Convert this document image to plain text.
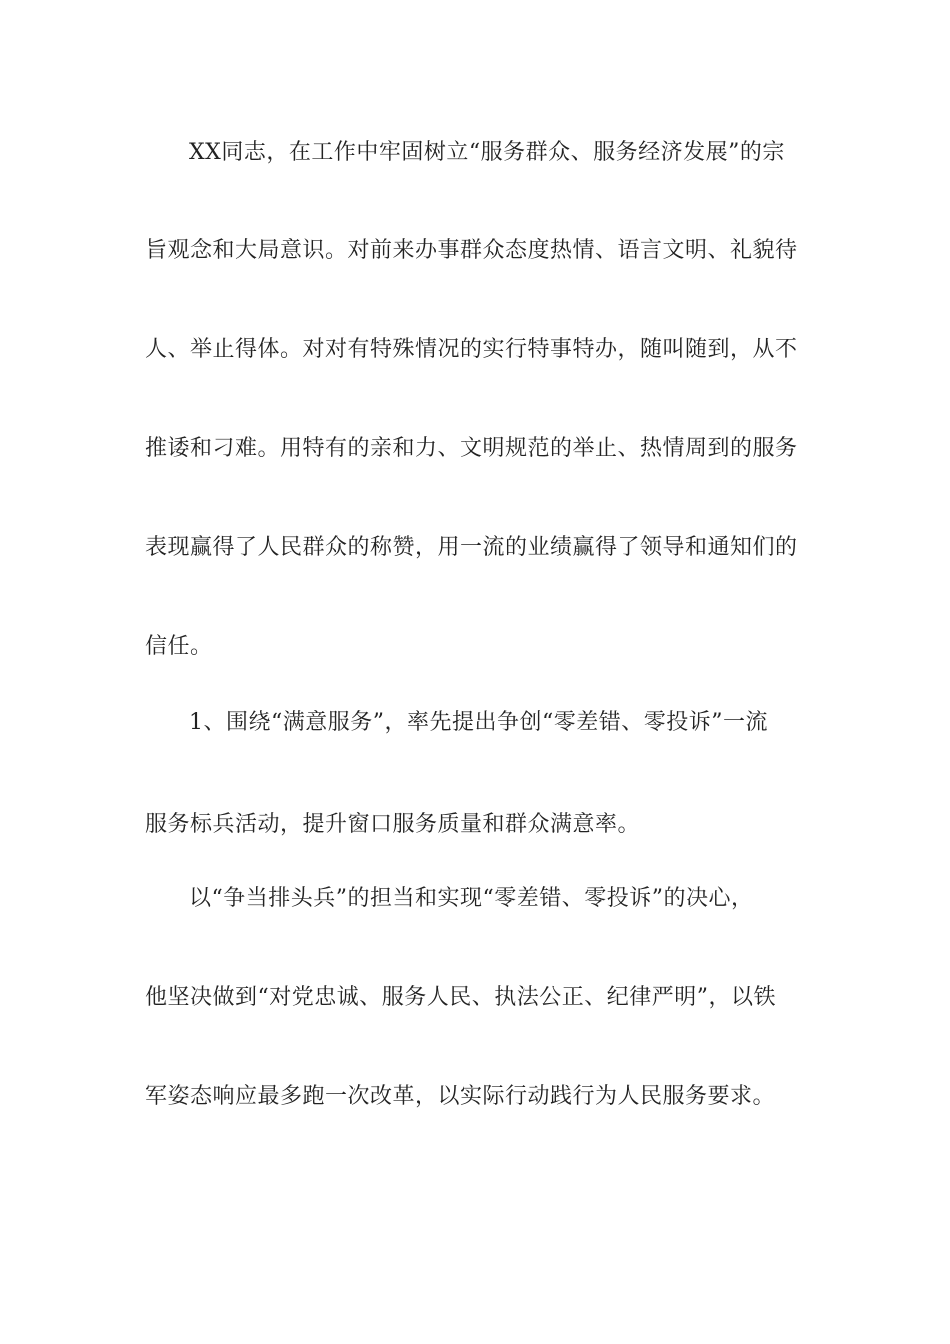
XX同志，在工作中牢固树立“服务群众、服务经济发展”的宗
旨观念和大局意识。对前来办事群众态度热情、语言文明、礼貌待
人、举止得体。对对有特殊情况的实行特事特办，随叫随到，从不
推诿和刁难。用特有的亲和力、文明规范的举止、热情周到的服务
表现赢得了人民群众的称赞，用一流的业绩赢得了领导和通知们的
信任。
1、围绕“满意服务”，率先提出争创“零差错、零投诉”一流
服务标兵活动，提升窗口服务质量和群众满意率。
以“争当排头兵”的担当和实现“零差错、零投诉”的决心，
他坚决做到“对党忠诚、服务人民、执法公正、纪律严明”，以铁
军姿态响应最多跑一次改革，以实际行动践行为人民服务要求。
